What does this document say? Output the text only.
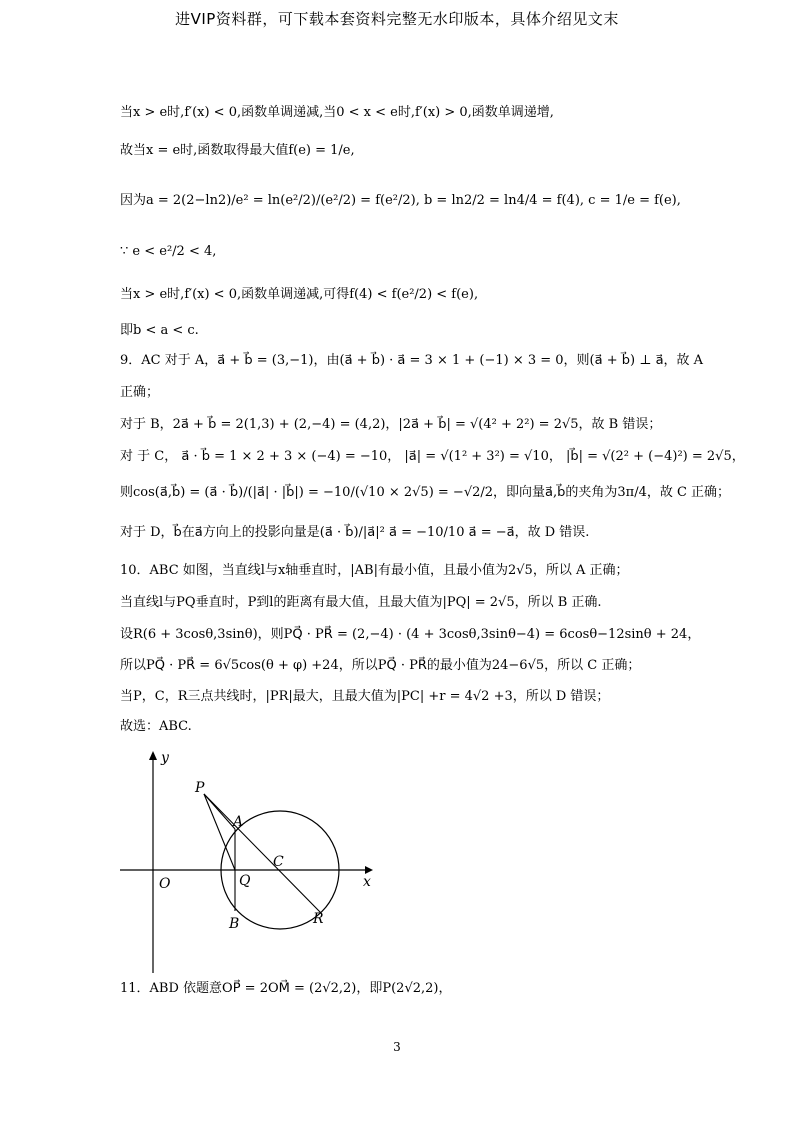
进VIP资料群，可下载本套资料完整无水印版本，具体介绍见文末
当x > e时,f′(x) < 0,函数单调递减,当0 < x < e时,f′(x) > 0,函数单调递增,
故当x = e时,函数取得最大值f(e) = 1/e,
因为a = 2(2−ln2)/e² = ln(e²/2)/(e²/2) = f(e²/2), b = ln2/2 = ln4/4 = f(4), c = 1/e = f(e),
∵ e < e²/2 < 4,
当x > e时,f′(x) < 0,函数单调递减,可得f(4) < f(e²/2) < f(e),
即b < a < c.
9．AC 对于 A，a⃗ + b⃗ = (3,−1)，由(a⃗ + b⃗) · a⃗ = 3 × 1 + (−1) × 3 = 0，则(a⃗ + b⃗) ⊥ a⃗，故 A
正确；
对于 B，2a⃗ + b⃗ = 2(1,3) + (2,−4) = (4,2)，|2a⃗ + b⃗| = √(4² + 2²) = 2√5，故 B 错误；
对 于 C， a⃗ · b⃗ = 1 × 2 + 3 × (−4) = −10， |a⃗| = √(1² + 3²) = √10， |b⃗| = √(2² + (−4)²) = 2√5，
则cos(a⃗,b⃗) = (a⃗ · b⃗)/(|a⃗| · |b⃗|) = −10/(√10 × 2√5) = −√2/2，即向量a⃗,b⃗的夹角为3π/4，故 C 正确；
对于 D，b⃗在a⃗方向上的投影向量是(a⃗ · b⃗)/|a⃗|² a⃗ = −10/10 a⃗ = −a⃗，故 D 错误.
10．ABC 如图，当直线l与x轴垂直时，|AB|有最小值，且最小值为2√5，所以 A 正确；
当直线l与PQ垂直时，P到l的距离有最大值，且最大值为|PQ| = 2√5，所以 B 正确.
设R(6 + 3cosθ,3sinθ)，则PQ⃗ · PR⃗ = (2,−4) · (4 + 3cosθ,3sinθ−4) = 6cosθ−12sinθ + 24，
所以PQ⃗ · PR⃗ = 6√5cos(θ + φ) +24，所以PQ⃗ · PR⃗的最小值为24−6√5，所以 C 正确；
当P，C，R三点共线时，|PR|最大，且最大值为|PC| +r = 4√2 +3，所以 D 错误；
故选：ABC.
y
x
O
P
A
C
Q
B	R
11．ABD 依题意OP⃗ = 2OM⃗ = (2√2,2)，即P(2√2,2)，
3
